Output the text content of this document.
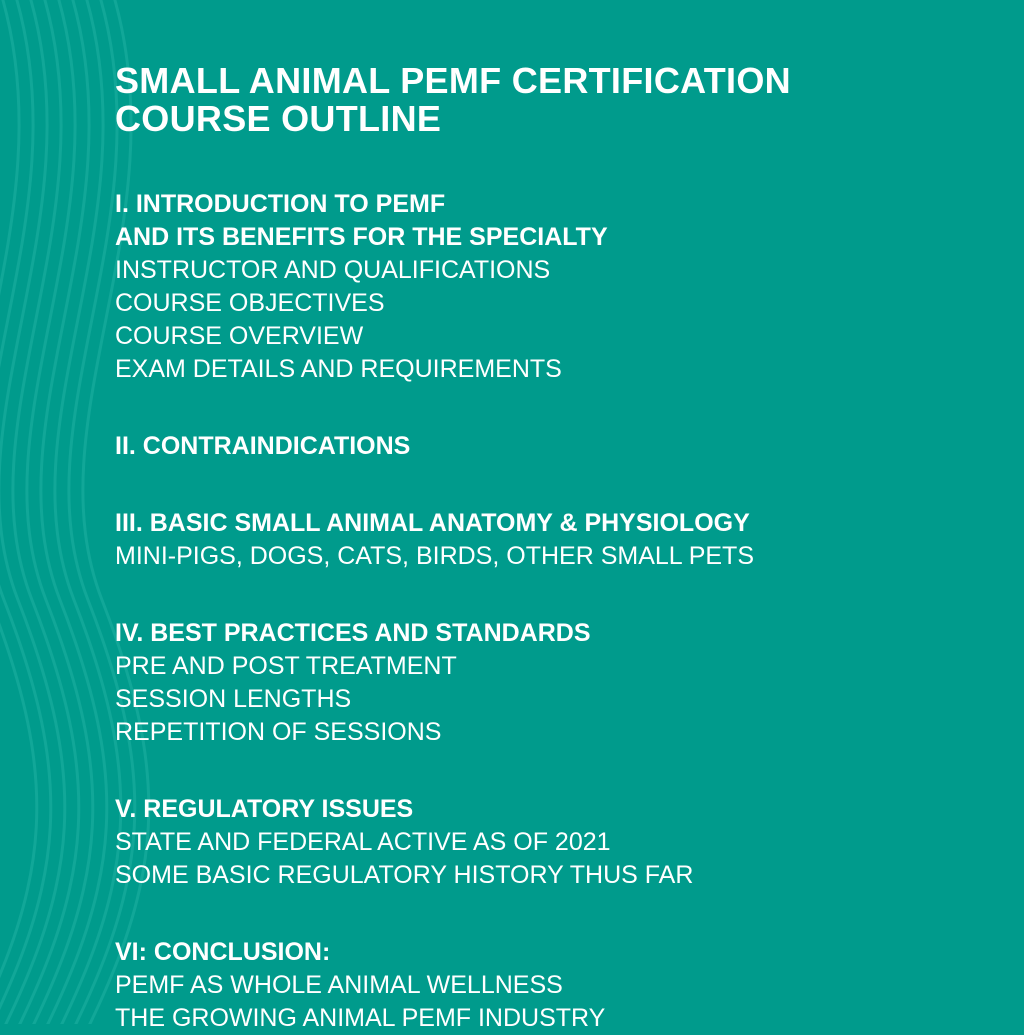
SMALL ANIMAL PEMF CERTIFICATION
COURSE OUTLINE
I. INTRODUCTION TO PEMF
AND ITS BENEFITS FOR THE SPECIALTY
INSTRUCTOR AND QUALIFICATIONS
COURSE OBJECTIVES
COURSE OVERVIEW
EXAM DETAILS AND REQUIREMENTS
II. CONTRAINDICATIONS
III. BASIC SMALL ANIMAL ANATOMY & PHYSIOLOGY
MINI-PIGS, DOGS, CATS, BIRDS, OTHER SMALL PETS
IV. BEST PRACTICES AND STANDARDS
PRE AND POST TREATMENT
SESSION LENGTHS
REPETITION OF SESSIONS
V. REGULATORY ISSUES
STATE AND FEDERAL ACTIVE AS OF 2021
SOME BASIC REGULATORY HISTORY THUS FAR
VI: CONCLUSION:
PEMF AS WHOLE ANIMAL WELLNESS
THE GROWING ANIMAL PEMF INDUSTRY
